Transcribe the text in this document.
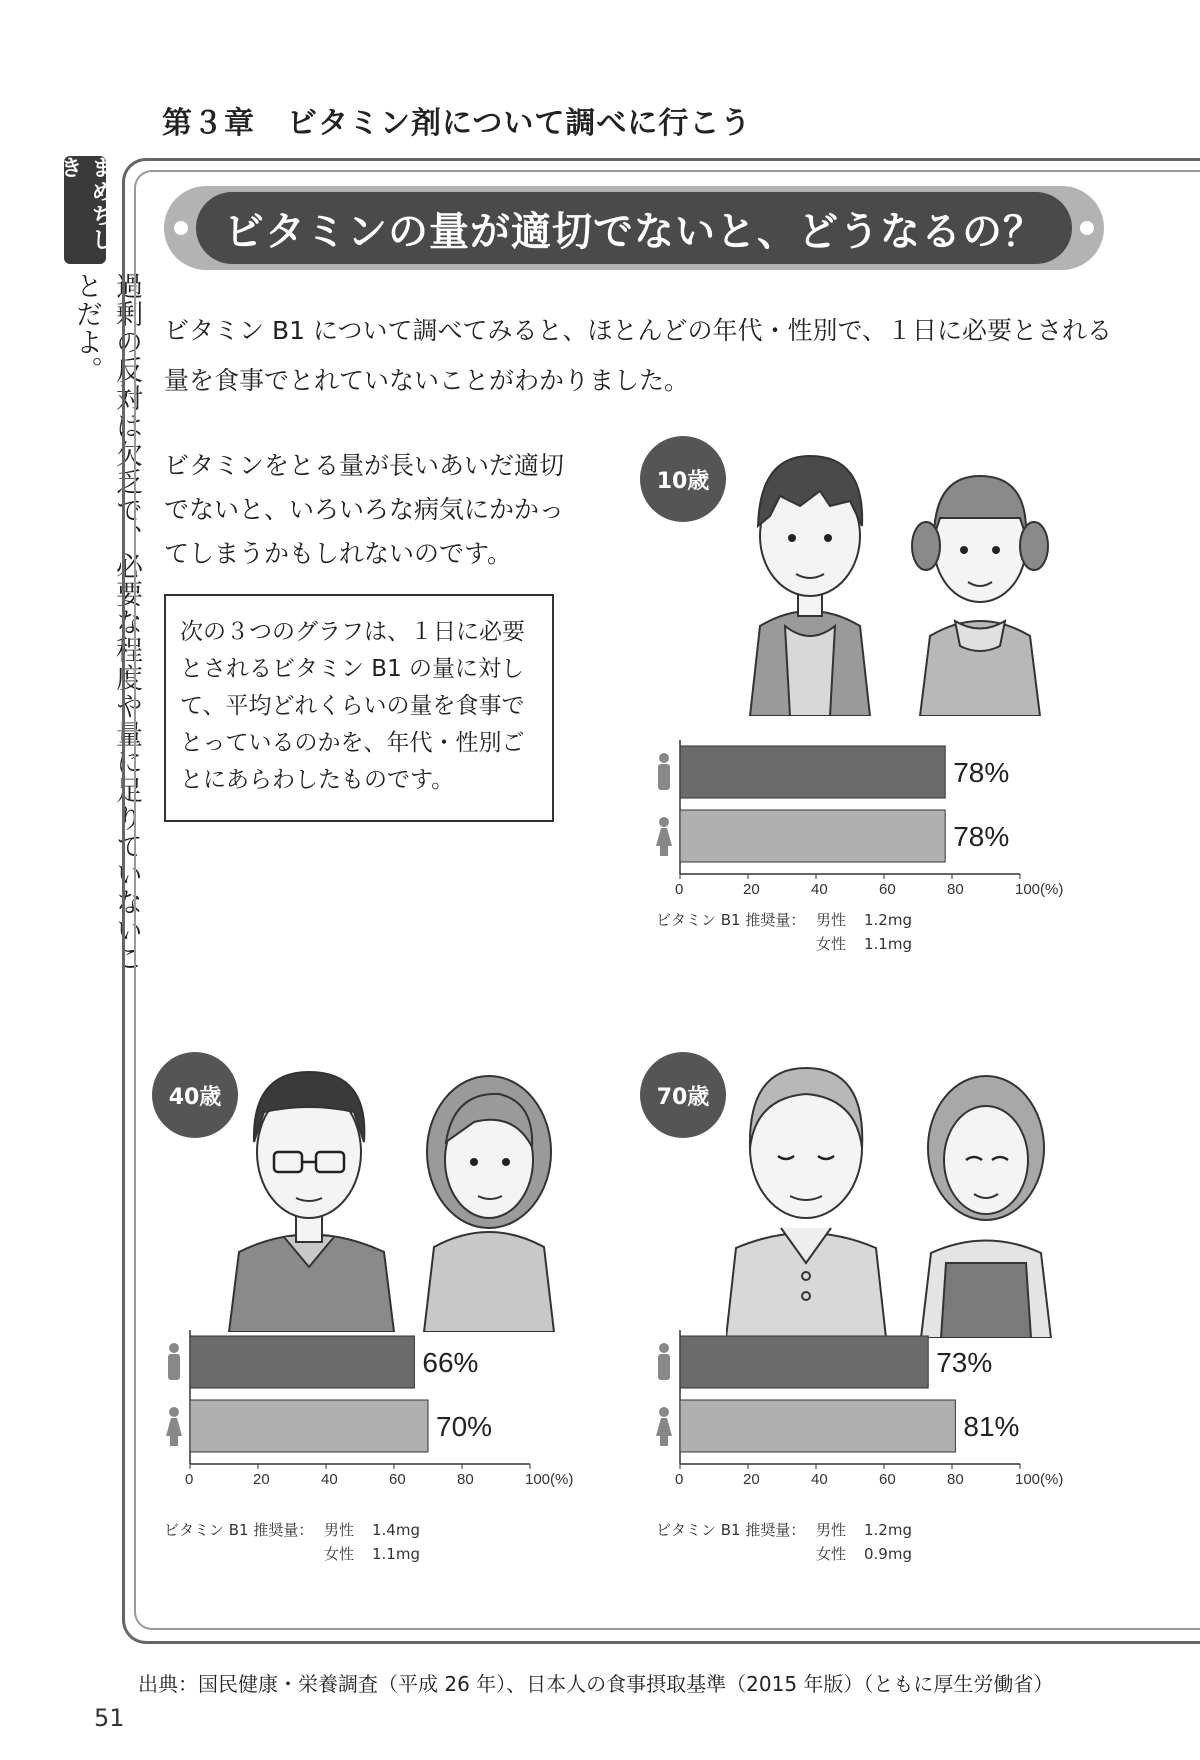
第３章 ビタミン剤について調べに行こう
まめちしき
過剰の反対は欠乏で、必要な程度や量に足りていないことだよ。
ビタミンの量が適切でないと、どうなるの？
ビタミン B1 について調べてみると、ほとんどの年代・性別で、１日に必要とされる量を食事でとれていないことがわかりました。
ビタミンをとる量が長いあいだ適切でないと、いろいろな病気にかかってしまうかもしれないのです。
次の３つのグラフは、１日に必要とされるビタミン B1 の量に対して、平均どれくらいの量を食事でとっているのかを、年代・性別ごとにあらわしたものです。
10歳
40歳	70歳
78%
78%
0	20	40	60	80	100(%)
ビタミン B1 推奨量： 男性 1.2mg
女性 1.1mg
66%
70%
0	20	40	60	80	100(%)
ビタミン B1 推奨量： 男性 1.4mg
女性 1.1mg
73%
81%
0	20	40	60	80	100(%)
ビタミン B1 推奨量： 男性 1.2mg
女性 0.9mg
出典：国民健康・栄養調査（平成 26 年）、日本人の食事摂取基準（2015 年版）（ともに厚生労働省）
51
